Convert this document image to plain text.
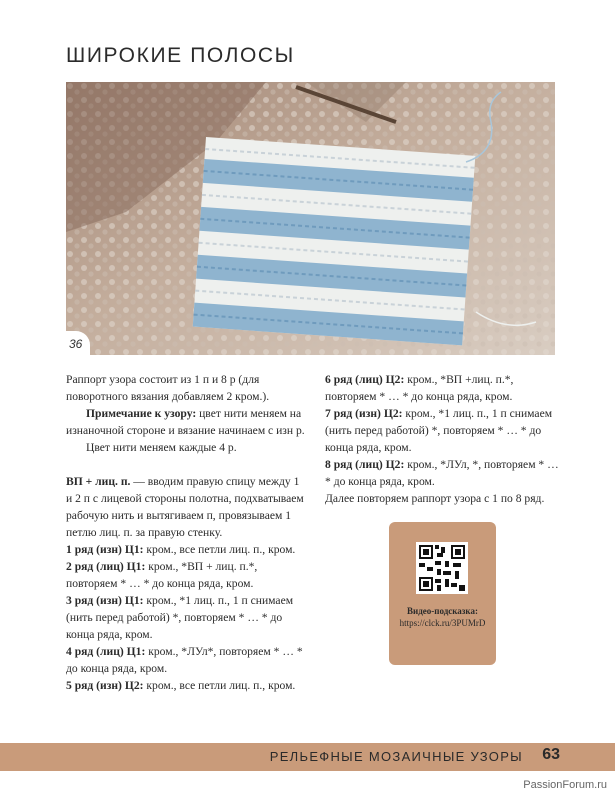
ШИРОКИЕ ПОЛОСЫ
36

Раппорт узора состоит из 1 п и 8 р (для поворотного вязания добавляем 2 кром.).

Примечание к узору: цвет нити меняем на изнаночной стороне и вязание начинаем с изн р.

Цвет нити меняем каждые 4 р.

ВП + лиц. п. — вводим правую спицу между 1 и 2 п с лицевой стороны полотна, подхватываем рабочую нить и вытягиваем п, провязываем 1 петлю лиц. п. за правую стенку.

1 ряд (изн) Ц1: кром., все петли лиц. п., кром.

2 ряд (лиц) Ц1: кром., *ВП + лиц. п.*, повторяем * … * до конца ряда, кром.

3 ряд (изн) Ц1: кром., *1 лиц. п., 1 п снимаем (нить перед работой) *, повторяем * … * до конца ряда, кром.

4 ряд (лиц) Ц1: кром., *ЛУл*, повторяем * … * до конца ряда, кром.

5 ряд (изн) Ц2: кром., все петли лиц. п., кром.

6 ряд (лиц) Ц2: кром., *ВП +лиц. п.*, повторяем * … * до конца ряда, кром.

7 ряд (изн) Ц2: кром., *1 лиц. п., 1 п снимаем (нить перед работой) *, повторяем * … * до конца ряда, кром.

8 ряд (лиц) Ц2: кром., *ЛУл, *, повторяем * … * до конца ряда, кром.

Далее повторяем раппорт узора с 1 по 8 ряд.

Видео-подсказка:
https://clck.ru/3PUMrD
РЕЛЬЕФНЫЕ МОЗАИЧНЫЕ УЗОРЫ 63
PassionForum.ru
